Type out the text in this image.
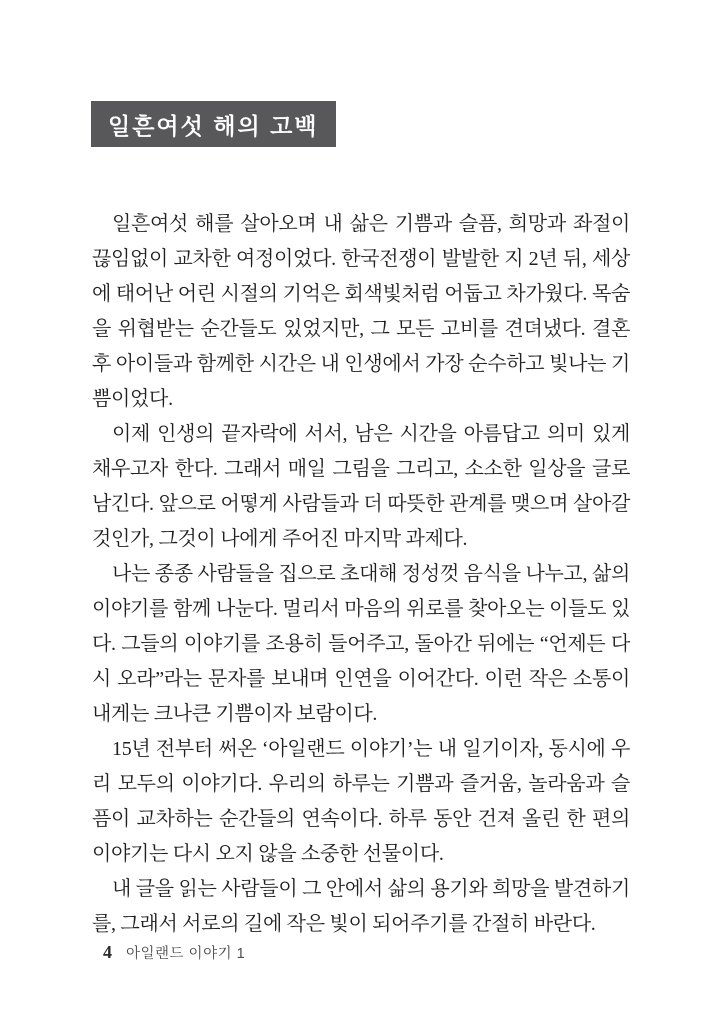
일흔여섯 해의 고백

일흔여섯 해를 살아오며 내 삶은 기쁨과 슬픔, 희망과 좌절이 끊임없이 교차한 여정이었다. 한국전쟁이 발발한 지 2년 뒤, 세상에 태어난 어린 시절의 기억은 회색빛처럼 어둡고 차가웠다. 목숨을 위협받는 순간들도 있었지만, 그 모든 고비를 견뎌냈다. 결혼 후 아이들과 함께한 시간은 내 인생에서 가장 순수하고 빛나는 기쁨이었다.

이제 인생의 끝자락에 서서, 남은 시간을 아름답고 의미 있게 채우고자 한다. 그래서 매일 그림을 그리고, 소소한 일상을 글로 남긴다. 앞으로 어떻게 사람들과 더 따뜻한 관계를 맺으며 살아갈 것인가, 그것이 나에게 주어진 마지막 과제다.

나는 종종 사람들을 집으로 초대해 정성껏 음식을 나누고, 삶의 이야기를 함께 나눈다. 멀리서 마음의 위로를 찾아오는 이들도 있다. 그들의 이야기를 조용히 들어주고, 돌아간 뒤에는 “언제든 다시 오라”라는 문자를 보내며 인연을 이어간다. 이런 작은 소통이 내게는 크나큰 기쁨이자 보람이다.

15년 전부터 써온 ‘아일랜드 이야기’는 내 일기이자, 동시에 우리 모두의 이야기다. 우리의 하루는 기쁨과 즐거움, 놀라움과 슬픔이 교차하는 순간들의 연속이다. 하루 동안 건져 올린 한 편의 이야기는 다시 오지 않을 소중한 선물이다.

내 글을 읽는 사람들이 그 안에서 삶의 용기와 희망을 발견하기를, 그래서 서로의 길에 작은 빛이 되어주기를 간절히 바란다.

4 아일랜드 이야기 1
